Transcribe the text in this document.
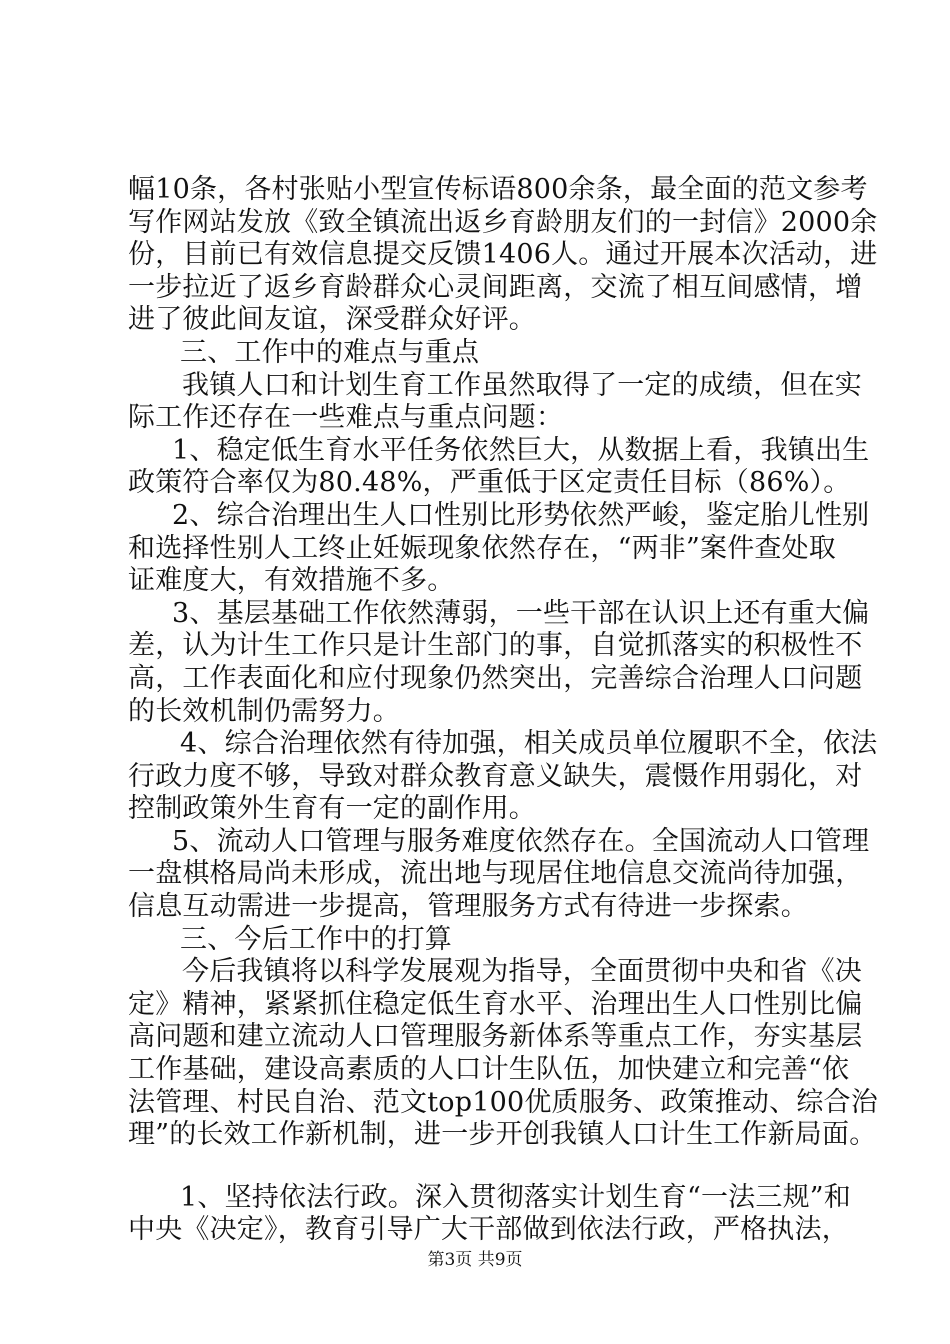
幅10条，各村张贴小型宣传标语800余条，最全面的范文参考
写作网站发放《致全镇流出返乡育龄朋友们的一封信》2000余
份，目前已有效信息提交反馈1406人。通过开展本次活动，进
一步拉近了返乡育龄群众心灵间距离，交流了相互间感情，增
进了彼此间友谊，深受群众好评。
三、工作中的难点与重点
我镇人口和计划生育工作虽然取得了一定的成绩，但在实
际工作还存在一些难点与重点问题：
1、稳定低生育水平任务依然巨大，从数据上看，我镇出生
政策符合率仅为80.48%，严重低于区定责任目标（86%）。
2、综合治理出生人口性别比形势依然严峻，鉴定胎儿性别
和选择性别人工终止妊娠现象依然存在，“两非”案件查处取
证难度大，有效措施不多。
3、基层基础工作依然薄弱，一些干部在认识上还有重大偏
差，认为计生工作只是计生部门的事，自觉抓落实的积极性不
高，工作表面化和应付现象仍然突出，完善综合治理人口问题
的长效机制仍需努力。
4、综合治理依然有待加强，相关成员单位履职不全，依法
行政力度不够，导致对群众教育意义缺失，震慑作用弱化，对
控制政策外生育有一定的副作用。
5、流动人口管理与服务难度依然存在。全国流动人口管理
一盘棋格局尚未形成，流出地与现居住地信息交流尚待加强，
信息互动需进一步提高，管理服务方式有待进一步探索。
三、今后工作中的打算
今后我镇将以科学发展观为指导，全面贯彻中央和省《决
定》精神，紧紧抓住稳定低生育水平、治理出生人口性别比偏
高问题和建立流动人口管理服务新体系等重点工作，夯实基层
工作基础，建设高素质的人口计生队伍，加快建立和完善“依
法管理、村民自治、范文top100优质服务、政策推动、综合治
理”的长效工作新机制，进一步开创我镇人口计生工作新局面。
1、坚持依法行政。深入贯彻落实计划生育“一法三规”和
中央《决定》，教育引导广大干部做到依法行政，严格执法，
第3页 共9页
